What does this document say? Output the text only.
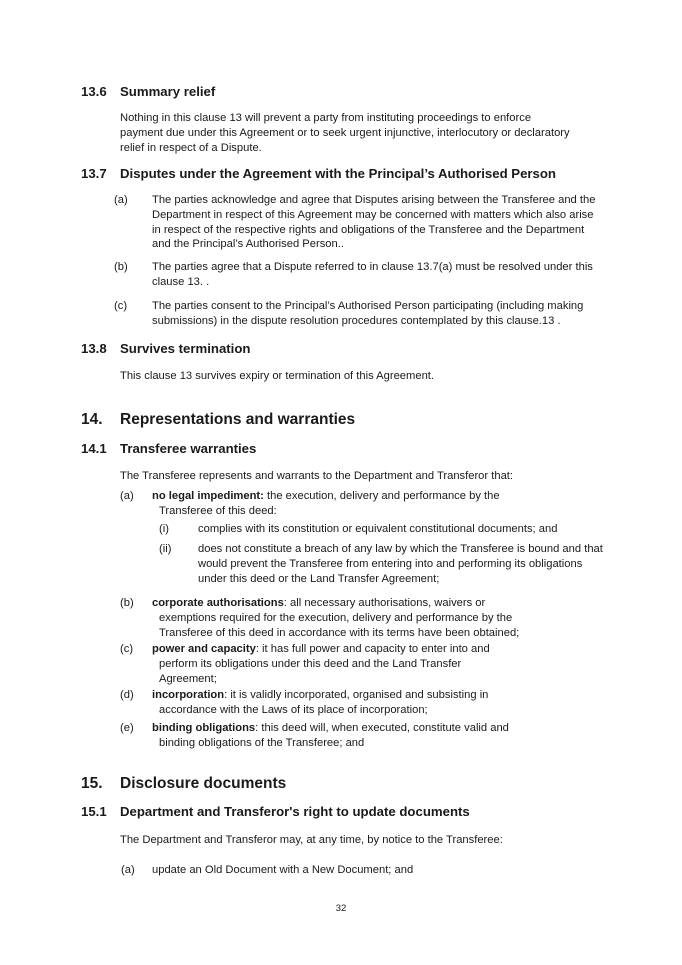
13.6 Summary relief
Nothing in this clause 13 will prevent a party from instituting proceedings to enforce
payment due under this Agreement or to seek urgent injunctive, interlocutory or declaratory
relief in respect of a Dispute.
13.7 Disputes under the Agreement with the Principal’s Authorised Person
(a) The parties acknowledge and agree that Disputes arising between the Transferee and the
Department in respect of this Agreement may be concerned with matters which also arise
in respect of the respective rights and obligations of the Transferee and the Department
and the Principal’s Authorised Person..
(b) The parties agree that a Dispute referred to in clause 13.7(a) must be resolved under this
clause 13. .
(c) The parties consent to the Principal’s Authorised Person participating (including making
submissions) in the dispute resolution procedures contemplated by this clause.13 .
13.8 Survives termination
This clause 13 survives expiry or termination of this Agreement.
14. Representations and warranties
14.1 Transferee warranties
The Transferee represents and warrants to the Department and Transferor that:
(a) no legal impediment: the execution, delivery and performance by the
Transferee of this deed:
(i)	complies with its constitution or equivalent constitutional documents; and
(ii) does not constitute a breach of any law by which the Transferee is bound and that
would prevent the Transferee from entering into and performing its obligations
under this deed or the Land Transfer Agreement;
(b) corporate authorisations: all necessary authorisations, waivers or
exemptions required for the execution, delivery and performance by the
Transferee of this deed in accordance with its terms have been obtained;
(c) power and capacity: it has full power and capacity to enter into and
perform its obligations under this deed and the Land Transfer
Agreement;
(d) incorporation: it is validly incorporated, organised and subsisting in
accordance with the Laws of its place of incorporation;
(e) binding obligations: this deed will, when executed, constitute valid and
binding obligations of the Transferee; and
15. Disclosure documents
15.1 Department and Transferor's right to update documents
The Department and Transferor may, at any time, by notice to the Transferee:
(a) update an Old Document with a New Document; and
32
